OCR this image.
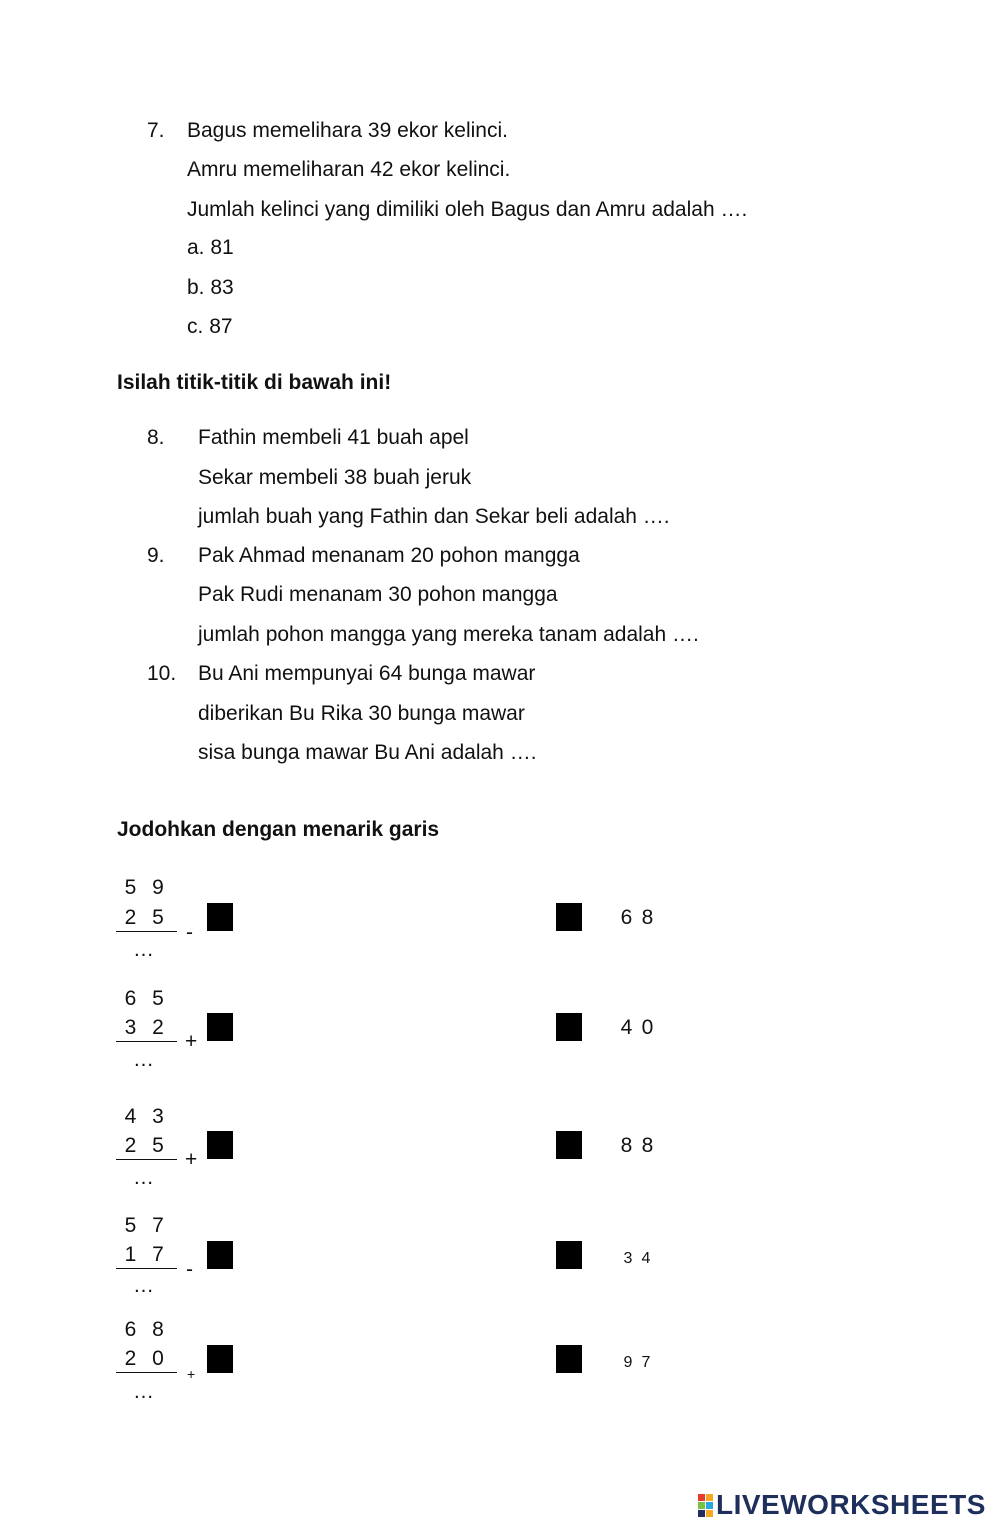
7. Bagus memelihara 39 ekor kelinci.
Amru memeliharan 42 ekor kelinci.
Jumlah kelinci yang dimiliki oleh Bagus dan Amru adalah ….
a. 81
b. 83
c. 87
Isilah titik-titik di bawah ini!
8. Fathin membeli 41 buah apel
Sekar membeli 38 buah jeruk
jumlah buah yang Fathin dan Sekar beli adalah ….
9. Pak Ahmad menanam 20 pohon mangga
Pak Rudi menanam 30 pohon mangga
jumlah pohon mangga yang mereka tanam adalah ….
10. Bu Ani mempunyai 64 bunga mawar
diberikan Bu Rika 30 bunga mawar
sisa bunga mawar Bu Ani adalah ….
Jodohkan dengan menarik garis
5 9
2 5
-
…
6 8
6 5
3 2
+
…
4 0
4 3
2 5
+
…
8 8
5 7
1 7
-
…
3 4
6 8
2 0
+
…
9 7
LIVEWORKSHEETS
